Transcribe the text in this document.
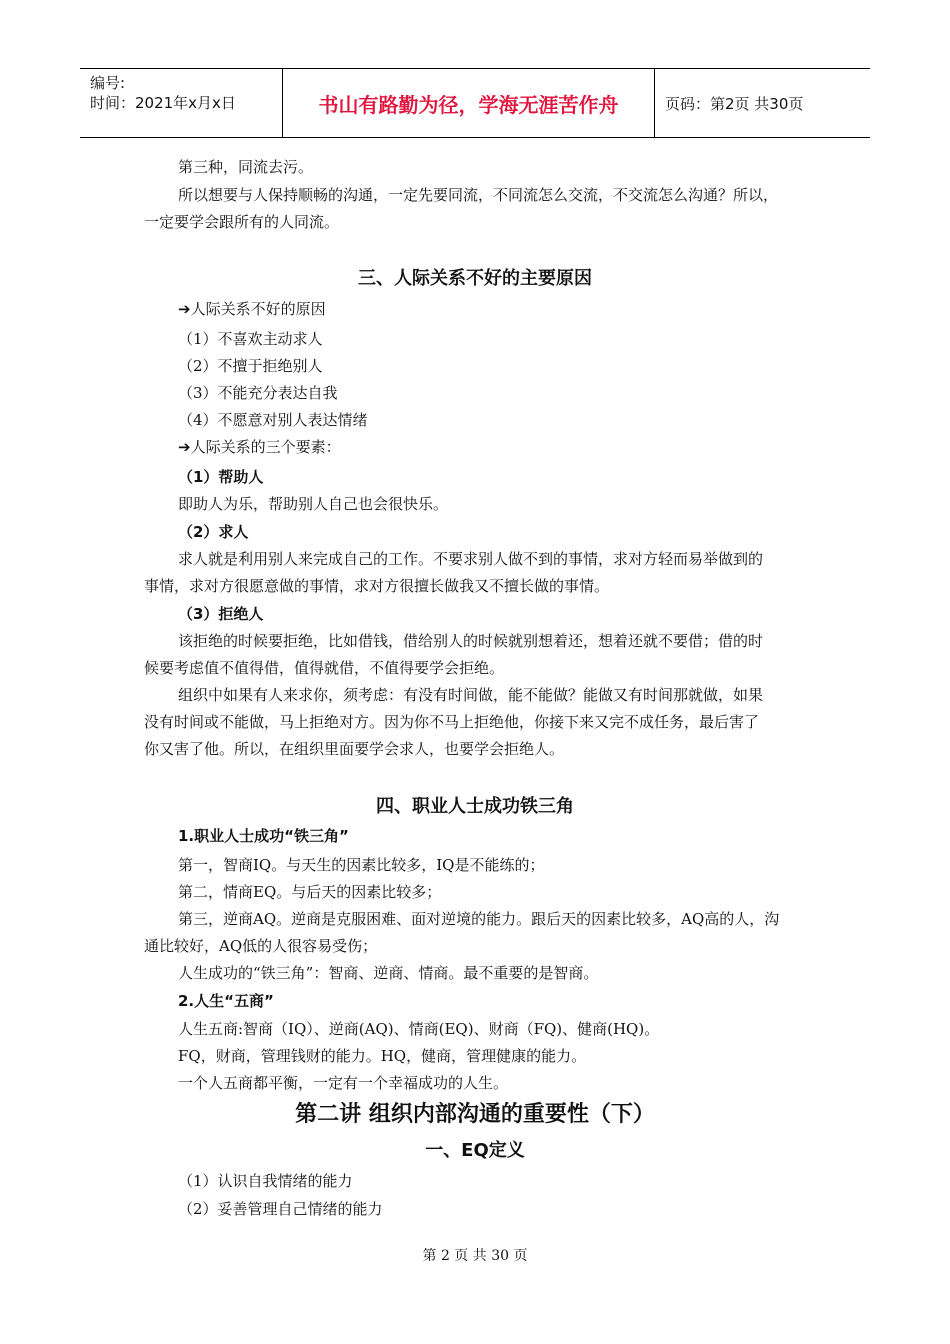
编号:
时间：2021年x月x日	书山有路勤为径，学海无涯苦作舟	页码：第2页 共30页
第三种，同流去污。
所以想要与人保持顺畅的沟通，一定先要同流，不同流怎么交流，不交流怎么沟通？所以，
一定要学会跟所有的人同流。
三、人际关系不好的主要原因
➔人际关系不好的原因
（1）不喜欢主动求人
（2）不擅于拒绝别人
（3）不能充分表达自我
（4）不愿意对别人表达情绪
➔人际关系的三个要素：
（1）帮助人
即助人为乐，帮助别人自己也会很快乐。
（2）求人
求人就是利用别人来完成自己的工作。不要求别人做不到的事情，求对方轻而易举做到的
事情，求对方很愿意做的事情，求对方很擅长做我又不擅长做的事情。
（3）拒绝人
该拒绝的时候要拒绝，比如借钱，借给别人的时候就别想着还，想着还就不要借；借的时
候要考虑值不值得借，值得就借，不值得要学会拒绝。
组织中如果有人来求你，须考虑：有没有时间做，能不能做？能做又有时间那就做，如果
没有时间或不能做，马上拒绝对方。因为你不马上拒绝他，你接下来又完不成任务，最后害了
你又害了他。所以，在组织里面要学会求人，也要学会拒绝人。
四、职业人士成功铁三角
1.职业人士成功“铁三角”
第一，智商IQ。与天生的因素比较多，IQ是不能练的；
第二，情商EQ。与后天的因素比较多；
第三，逆商AQ。逆商是克服困难、面对逆境的能力。跟后天的因素比较多，AQ高的人，沟
通比较好，AQ低的人很容易受伤；
人生成功的“铁三角”：智商、逆商、情商。最不重要的是智商。
2.人生“五商”
人生五商:智商（IQ）、逆商(AQ)、情商(EQ)、财商（FQ)、健商(HQ)。
FQ，财商，管理钱财的能力。HQ，健商，管理健康的能力。
一个人五商都平衡，一定有一个幸福成功的人生。
第二讲 组织内部沟通的重要性（下）
一、EQ定义
（1）认识自我情绪的能力
（2）妥善管理自己情绪的能力
第 2 页 共 30 页
